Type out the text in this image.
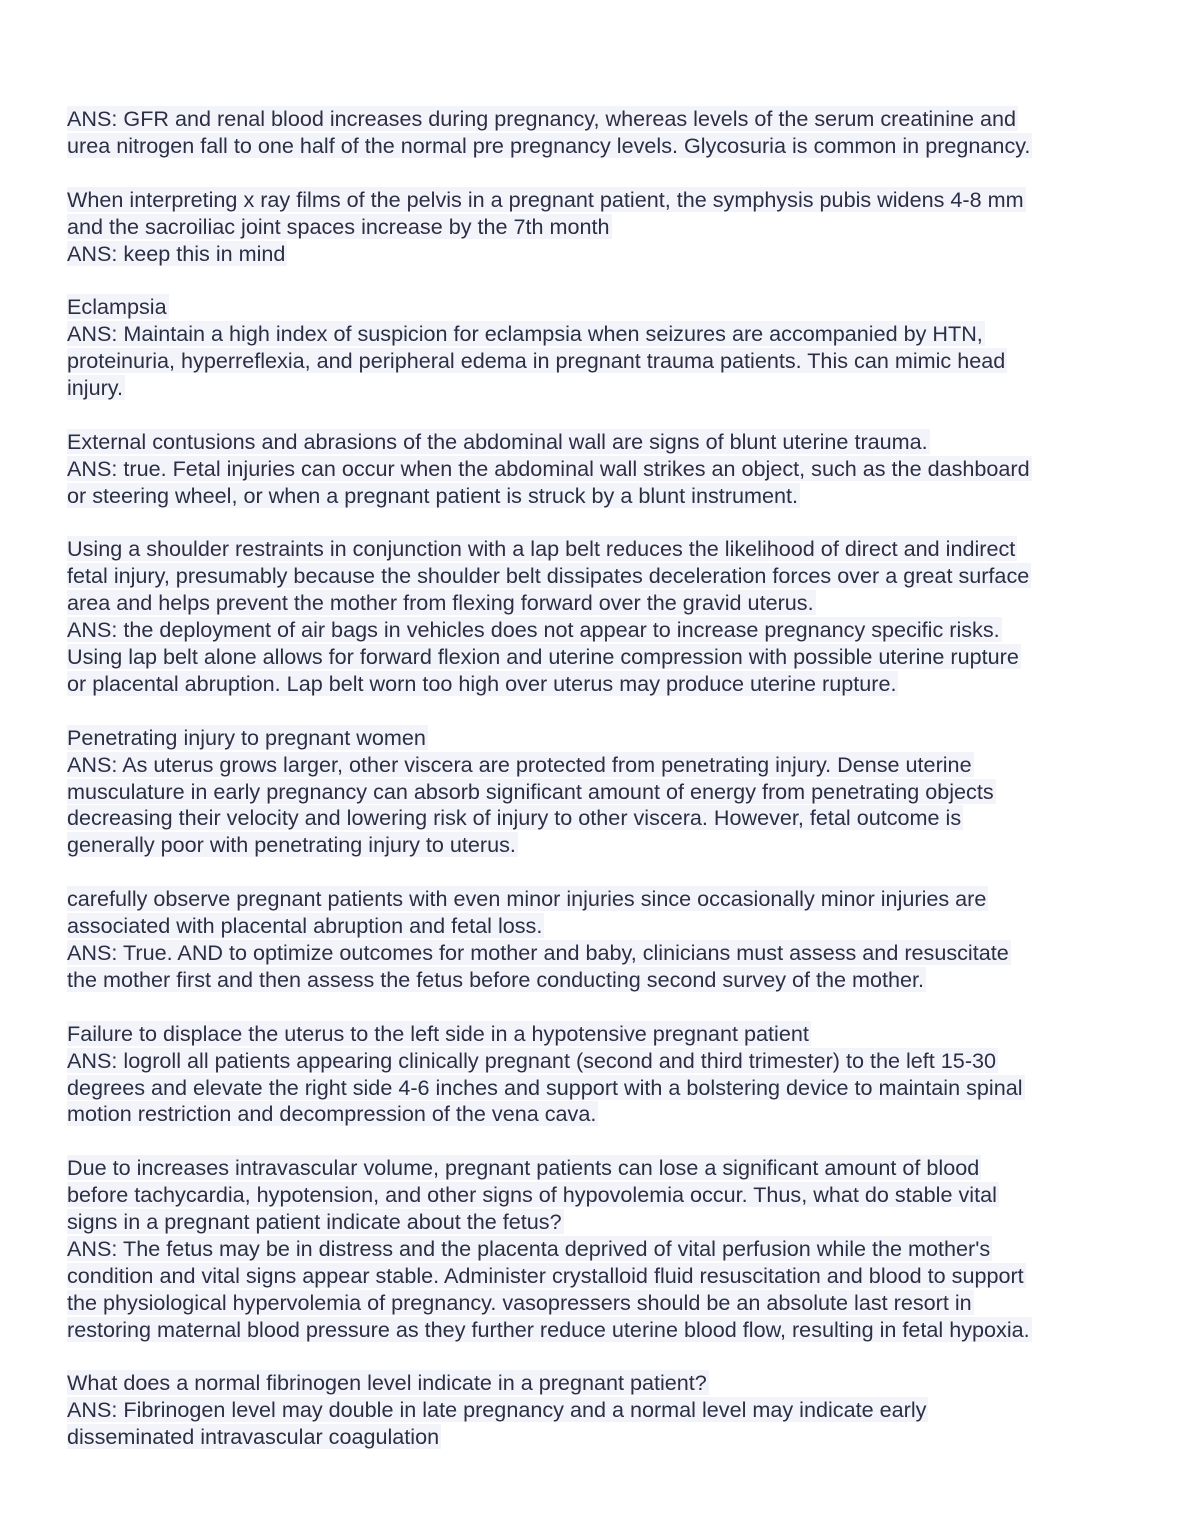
ANS: GFR and renal blood increases during pregnancy, whereas levels of the serum creatinine and
urea nitrogen fall to one half of the normal pre pregnancy levels. Glycosuria is common in pregnancy.
When interpreting x ray films of the pelvis in a pregnant patient, the symphysis pubis widens 4-8 mm
and the sacroiliac joint spaces increase by the 7th month
ANS: keep this in mind
Eclampsia
ANS: Maintain a high index of suspicion for eclampsia when seizures are accompanied by HTN,
proteinuria, hyperreflexia, and peripheral edema in pregnant trauma patients. This can mimic head
injury.
External contusions and abrasions of the abdominal wall are signs of blunt uterine trauma.
ANS: true. Fetal injuries can occur when the abdominal wall strikes an object, such as the dashboard
or steering wheel, or when a pregnant patient is struck by a blunt instrument.
Using a shoulder restraints in conjunction with a lap belt reduces the likelihood of direct and indirect
fetal injury, presumably because the shoulder belt dissipates deceleration forces over a great surface
area and helps prevent the mother from flexing forward over the gravid uterus.
ANS: the deployment of air bags in vehicles does not appear to increase pregnancy specific risks.
Using lap belt alone allows for forward flexion and uterine compression with possible uterine rupture
or placental abruption. Lap belt worn too high over uterus may produce uterine rupture.
Penetrating injury to pregnant women
ANS: As uterus grows larger, other viscera are protected from penetrating injury. Dense uterine
musculature in early pregnancy can absorb significant amount of energy from penetrating objects
decreasing their velocity and lowering risk of injury to other viscera. However, fetal outcome is
generally poor with penetrating injury to uterus.
carefully observe pregnant patients with even minor injuries since occasionally minor injuries are
associated with placental abruption and fetal loss.
ANS: True. AND to optimize outcomes for mother and baby, clinicians must assess and resuscitate
the mother first and then assess the fetus before conducting second survey of the mother.
Failure to displace the uterus to the left side in a hypotensive pregnant patient
ANS: logroll all patients appearing clinically pregnant (second and third trimester) to the left 15-30
degrees and elevate the right side 4-6 inches and support with a bolstering device to maintain spinal
motion restriction and decompression of the vena cava.
Due to increases intravascular volume, pregnant patients can lose a significant amount of blood
before tachycardia, hypotension, and other signs of hypovolemia occur. Thus, what do stable vital
signs in a pregnant patient indicate about the fetus?
ANS: The fetus may be in distress and the placenta deprived of vital perfusion while the mother's
condition and vital signs appear stable. Administer crystalloid fluid resuscitation and blood to support
the physiological hypervolemia of pregnancy. vasopressers should be an absolute last resort in
restoring maternal blood pressure as they further reduce uterine blood flow, resulting in fetal hypoxia.
What does a normal fibrinogen level indicate in a pregnant patient?
ANS: Fibrinogen level may double in late pregnancy and a normal level may indicate early
disseminated intravascular coagulation
